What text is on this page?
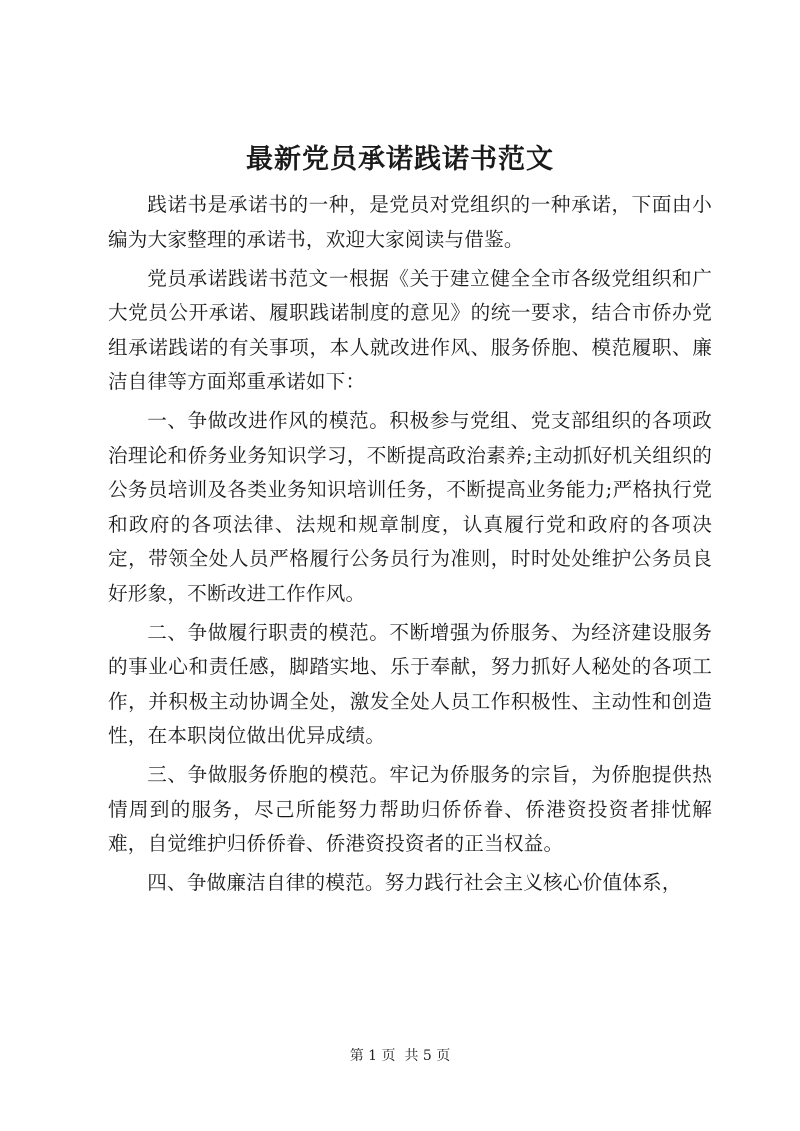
最新党员承诺践诺书范文

践诺书是承诺书的一种，是党员对党组织的一种承诺，下面由小编为大家整理的承诺书，欢迎大家阅读与借鉴。

党员承诺践诺书范文一根据《关于建立健全全市各级党组织和广大党员公开承诺、履职践诺制度的意见》的统一要求，结合市侨办党组承诺践诺的有关事项，本人就改进作风、服务侨胞、模范履职、廉洁自律等方面郑重承诺如下：

一、争做改进作风的模范。积极参与党组、党支部组织的各项政治理论和侨务业务知识学习，不断提高政治素养;主动抓好机关组织的公务员培训及各类业务知识培训任务，不断提高业务能力;严格执行党和政府的各项法律、法规和规章制度，认真履行党和政府的各项决定，带领全处人员严格履行公务员行为准则，时时处处维护公务员良好形象，不断改进工作作风。

二、争做履行职责的模范。不断增强为侨服务、为经济建设服务的事业心和责任感，脚踏实地、乐于奉献，努力抓好人秘处的各项工作，并积极主动协调全处，激发全处人员工作积极性、主动性和创造性，在本职岗位做出优异成绩。

三、争做服务侨胞的模范。牢记为侨服务的宗旨，为侨胞提供热情周到的服务，尽己所能努力帮助归侨侨眷、侨港资投资者排忧解难，自觉维护归侨侨眷、侨港资投资者的正当权益。

四、争做廉洁自律的模范。努力践行社会主义核心价值体系，

第 1 页  共 5 页
